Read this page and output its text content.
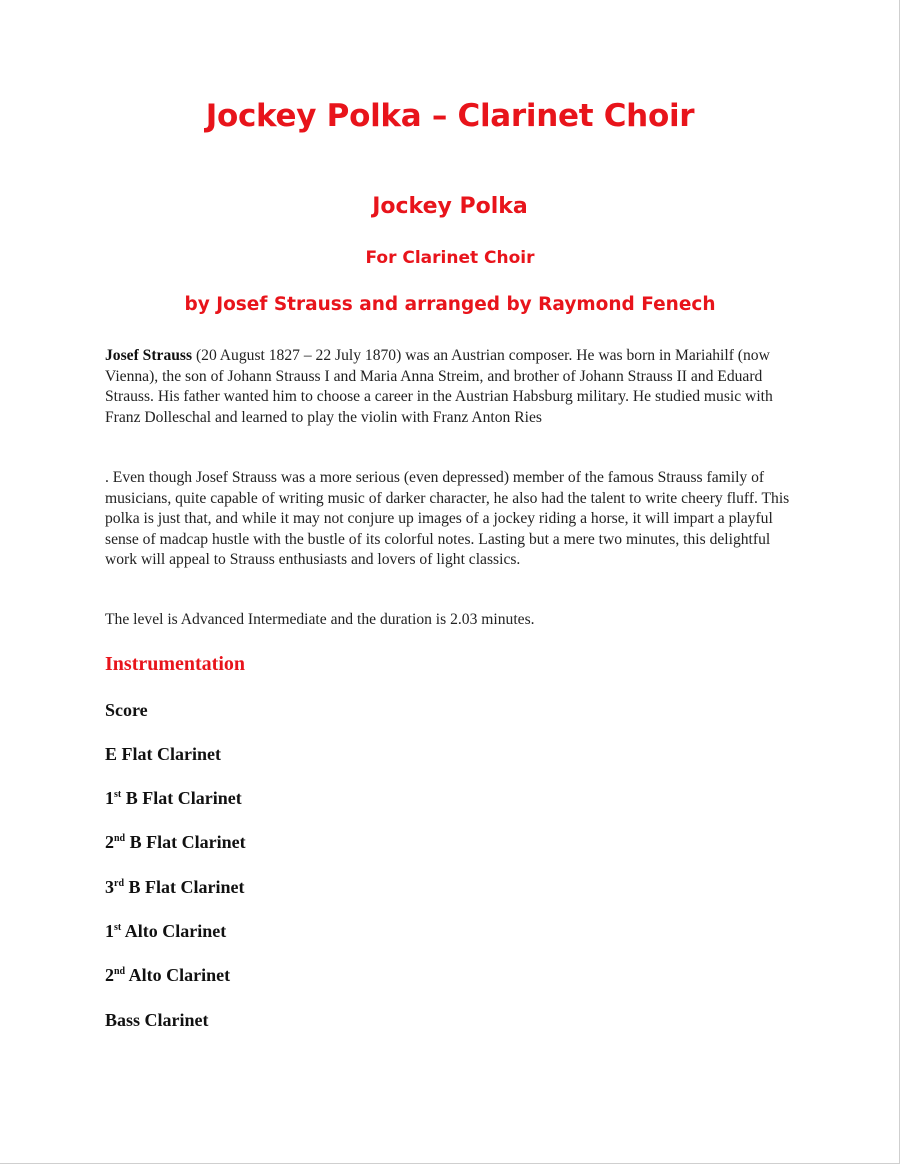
Jockey Polka – Clarinet Choir
Jockey Polka
For Clarinet Choir
by Josef Strauss and arranged by Raymond Fenech

Josef Strauss (20 August 1827 – 22 July 1870) was an Austrian composer. He was born in Mariahilf (now Vienna), the son of Johann Strauss I and Maria Anna Streim, and brother of Johann Strauss II and Eduard Strauss. His father wanted him to choose a career in the Austrian Habsburg military. He studied music with Franz Dolleschal and learned to play the violin with Franz Anton Ries

. Even though Josef Strauss was a more serious (even depressed) member of the famous Strauss family of musicians, quite capable of writing music of darker character, he also had the talent to write cheery fluff. This polka is just that, and while it may not conjure up images of a jockey riding a horse, it will impart a playful sense of madcap hustle with the bustle of its colorful notes. Lasting but a mere two minutes, this delightful work will appeal to Strauss enthusiasts and lovers of light classics.

The level is Advanced Intermediate and the duration is 2.03 minutes.

Instrumentation

Score

E Flat Clarinet

1st B Flat Clarinet

2nd B Flat Clarinet

3rd B Flat Clarinet

1st Alto Clarinet

2nd Alto Clarinet

Bass Clarinet
